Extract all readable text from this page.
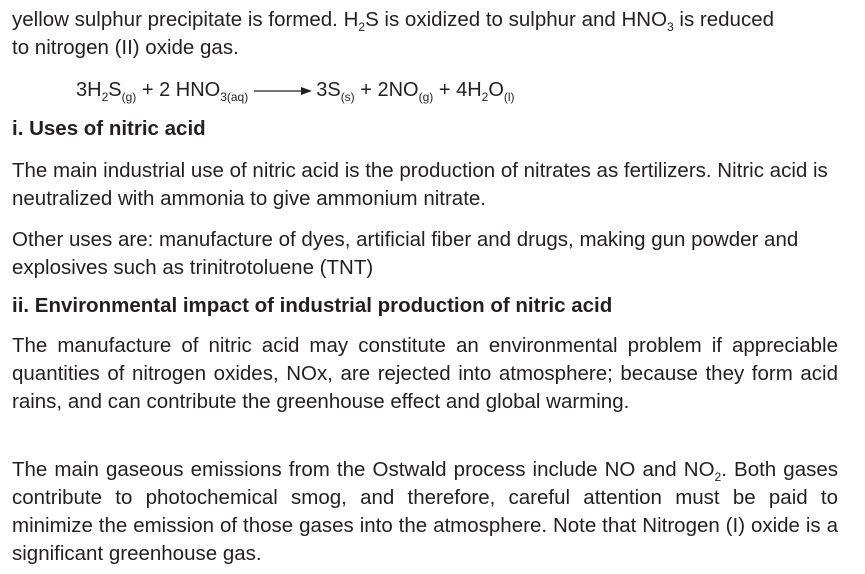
yellow sulphur precipitate is formed. $H_2S$ is oxidized to sulphur and $HNO_3$ is reduced
to nitrogen (II) oxide gas.

$3H_2S_{(g)} + 2$ $HNO_{3(aq)} \to 3S_{(s)} + 2NO_{(g)} + 4H_2O_{(l)}$
i. Uses of nitric acid

The main industrial use of nitric acid is the production of nitrates as fertilizers. Nitric acid is neutralized with ammonia to give ammonium nitrate.

Other uses are: manufacture of dyes, artificial fiber and drugs, making gun powder and explosives such as trinitrotoluene (TNT)

ii. Environmental impact of industrial production of nitric acid

The manufacture of nitric acid may constitute an environmental problem if appreciable quantities of nitrogen oxides, NOx, are rejected into atmosphere; because they form acid rains, and can contribute the greenhouse effect and global warming.

The main gaseous emissions from the Ostwald process include NO and $NO_2$. Both gases contribute to photochemical smog, and therefore, careful attention must be paid to minimize the emission of those gases into the atmosphere. Note that Nitrogen (I) oxide is a significant greenhouse gas.
